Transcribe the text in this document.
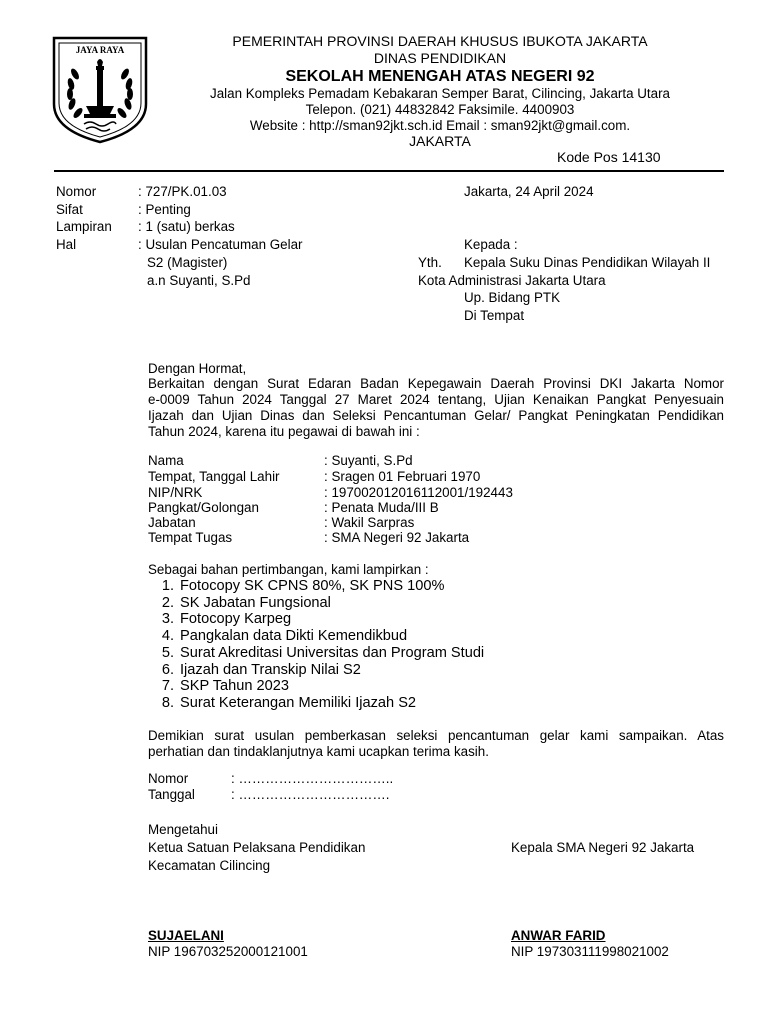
JAYA RAYA
PEMERINTAH PROVINSI DAERAH KHUSUS IBUKOTA JAKARTA
DINAS PENDIDIKAN
SEKOLAH MENENGAH ATAS NEGERI 92
Jalan Kompleks Pemadam Kebakaran Semper Barat, Cilincing, Jakarta Utara
Telepon. (021) 44832842 Faksimile. 4400903
Website : http://sman92jkt.sch.id Email : sman92jkt@gmail.com.
JAKARTA
Kode Pos 14130
Nomor
Sifat
Lampiran
Hal
: 727/PK.01.03
: Penting
: 1 (satu) berkas
: Usulan Pencatuman Gelar
S2 (Magister)
a.n Suyanti, S.Pd
Jakarta, 24 April 2024
Kepada :
Yth. Kepala Suku Dinas Pendidikan Wilayah II
Kota Administrasi Jakarta Utara
Up. Bidang PTK
Di Tempat
Dengan Hormat,
Berkaitan dengan Surat Edaran Badan Kepegawain Daerah Provinsi DKI Jakarta Nomor
e-0009 Tahun 2024 Tanggal 27 Maret 2024 tentang, Ujian Kenaikan Pangkat Penyesuain
Ijazah dan Ujian Dinas dan Seleksi Pencantuman Gelar/ Pangkat Peningkatan Pendidikan
Tahun 2024, karena itu pegawai di bawah ini :
Nama
Tempat, Tanggal Lahir
NIP/NRK
Pangkat/Golongan
Jabatan
Tempat Tugas
: Suyanti, S.Pd
: Sragen 01 Februari 1970
: 197002012016112001/192443
: Penata Muda/III B
: Wakil Sarpras
: SMA Negeri 92 Jakarta
Sebagai bahan pertimbangan, kami lampirkan :
1. Fotocopy SK CPNS 80%, SK PNS 100%
2. SK Jabatan Fungsional
3. Fotocopy Karpeg
4. Pangkalan data Dikti Kemendikbud
5. Surat Akreditasi Universitas dan Program Studi
6. Ijazah dan Transkip Nilai S2
7. SKP Tahun 2023
8. Surat Keterangan Memiliki Ijazah S2
Demikian surat usulan pemberkasan seleksi pencantuman gelar kami sampaikan. Atas
perhatian dan tindaklanjutnya kami ucapkan terima kasih.
Nomor	: ……………………………..
Tanggal	: …………………………….
Mengetahui
Ketua Satuan Pelaksana Pendidikan
Kecamatan Cilincing
SUJAELANI
NIP 196703252000121001
Kepala SMA Negeri 92 Jakarta
ANWAR FARID
NIP 197303111998021002
